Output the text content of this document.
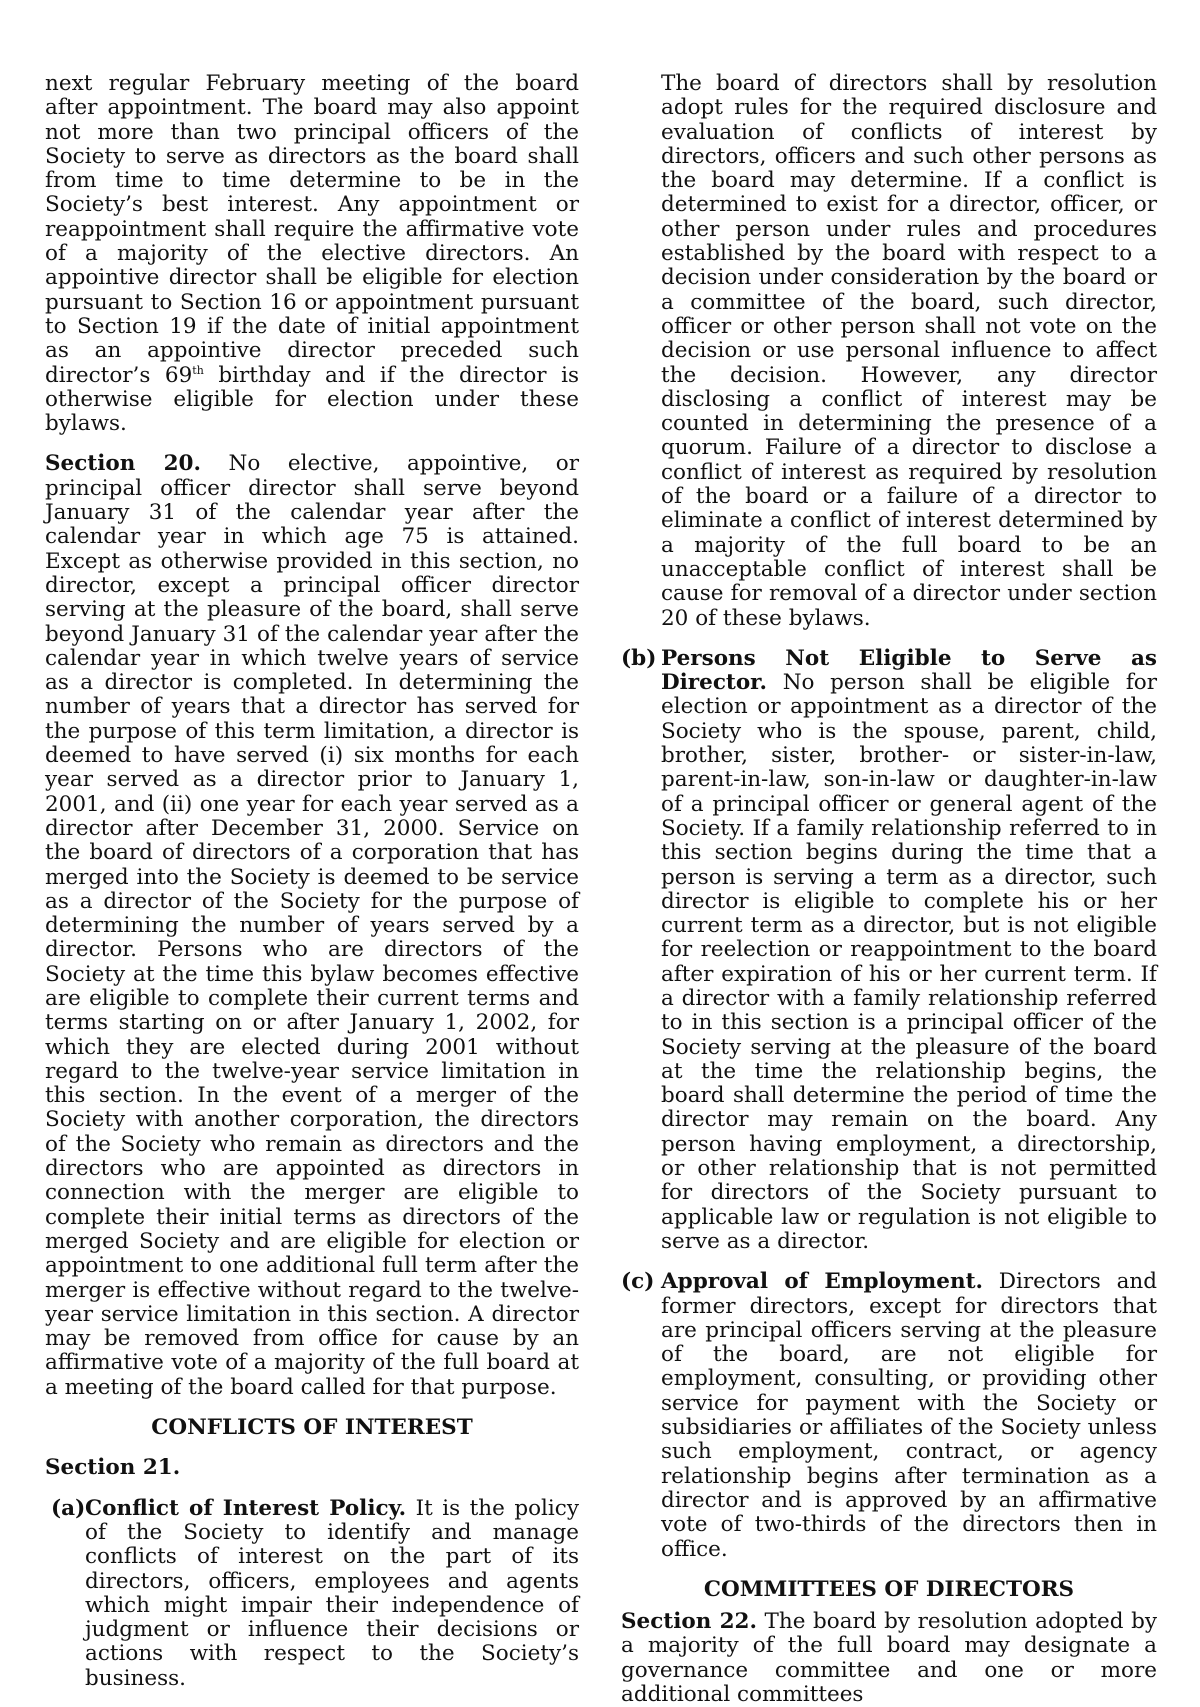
next regular February meeting of the board after appointment. The board may also appoint not more than two principal officers of the Society to serve as directors as the board shall from time to time determine to be in the Society’s best interest. Any appointment or reappointment shall require the affirmative vote of a majority of the elective directors. An appointive director shall be eligible for election pursuant to Section 16 or appointment pursuant to Section 19 if the date of initial appointment as an appointive director preceded such director’s 69th birthday and if the director is otherwise eligible for election under these bylaws.

Section 20. No elective, appointive, or principal officer director shall serve beyond January 31 of the calendar year after the calendar year in which age 75 is attained. Except as otherwise provided in this section, no director, except a principal officer director serving at the pleasure of the board, shall serve beyond January 31 of the calendar year after the calendar year in which twelve years of service as a director is completed. In determining the number of years that a director has served for the purpose of this term limitation, a director is deemed to have served (i) six months for each year served as a director prior to January 1, 2001, and (ii) one year for each year served as a director after December 31, 2000. Service on the board of directors of a corporation that has merged into the Society is deemed to be service as a director of the Society for the purpose of determining the number of years served by a director. Persons who are directors of the Society at the time this bylaw becomes effective are eligible to complete their current terms and terms starting on or after January 1, 2002, for which they are elected during 2001 without regard to the twelve-year service limitation in this section. In the event of a merger of the Society with another corporation, the directors of the Society who remain as directors and the directors who are appointed as directors in connection with the merger are eligible to complete their initial terms as directors of the merged Society and are eligible for election or appointment to one additional full term after the merger is effective without regard to the twelve-year service limitation in this section. A director may be removed from office for cause by an affirmative vote of a majority of the full board at a meeting of the board called for that purpose.

CONFLICTS OF INTEREST

Section 21.

(a) Conflict of Interest Policy. It is the policy of the Society to identify and manage conflicts of interest on the part of its directors, officers, employees and agents which might impair their independence of judgment or influence their decisions or actions with respect to the Society’s business.

The board of directors shall by resolution adopt rules for the required disclosure and evaluation of conflicts of interest by directors, officers and such other persons as the board may determine. If a conflict is determined to exist for a director, officer, or other person under rules and procedures established by the board with respect to a decision under consideration by the board or a committee of the board, such director, officer or other person shall not vote on the decision or use personal influence to affect the decision. However, any director disclosing a conflict of interest may be counted in determining the presence of a quorum. Failure of a director to disclose a conflict of interest as required by resolution of the board or a failure of a director to eliminate a conflict of interest determined by a majority of the full board to be an unacceptable conflict of interest shall be cause for removal of a director under section 20 of these bylaws.

(b) Persons Not Eligible to Serve as Director. No person shall be eligible for election or appointment as a director of the Society who is the spouse, parent, child, brother, sister, brother- or sister-in-law, parent-in-law, son-in-law or daughter-in-law of a principal officer or general agent of the Society. If a family relationship referred to in this section begins during the time that a person is serving a term as a director, such director is eligible to complete his or her current term as a director, but is not eligible for reelection or reappointment to the board after expiration of his or her current term. If a director with a family relationship referred to in this section is a principal officer of the Society serving at the pleasure of the board at the time the relationship begins, the board shall determine the period of time the director may remain on the board. Any person having employment, a directorship, or other relationship that is not permitted for directors of the Society pursuant to applicable law or regulation is not eligible to serve as a director.
(c) Approval of Employment. Directors and former directors, except for directors that are principal officers serving at the pleasure of the board, are not eligible for employment, consulting, or providing other service for payment with the Society or subsidiaries or affiliates of the Society unless such employment, contract, or agency relationship begins after termination as a director and is approved by an affirmative vote of two-thirds of the directors then in office.

COMMITTEES OF DIRECTORS

Section 22. The board by resolution adopted by a majority of the full board may designate a governance committee and one or more additional committees
